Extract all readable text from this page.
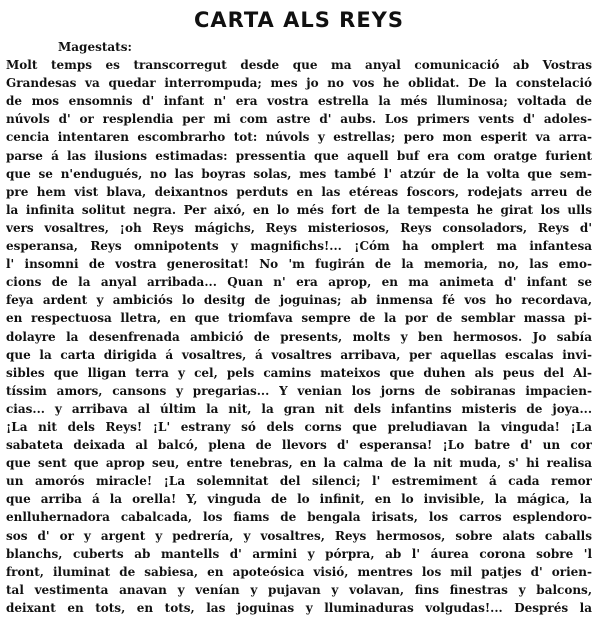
CARTA ALS REYS
Magestats:
Molt temps es transcorregut desde que ma anyal comunicació ab Vostras
Grandesas va quedar interrompuda; mes jo no vos he oblidat. De la constelació
de mos ensomnis d' infant n' era vostra estrella la més lluminosa; voltada de
núvols d' or resplendia per mi com astre d' aubs. Los primers vents d' adoles-
cencia intentaren escombrarho tot: núvols y estrellas; pero mon esperit va arra-
parse á las ilusions estimadas: pressentia que aquell buf era com oratge furient
que se n'endugués, no las boyras solas, mes també l' atzúr de la volta que sem-
pre hem vist blava, deixantnos perduts en las etéreas foscors, rodejats arreu de
la infinita solitut negra. Per aixó, en lo més fort de la tempesta he girat los ulls
vers vosaltres, ¡oh Reys mágichs, Reys misteriosos, Reys consoladors, Reys d'
esperansa, Reys omnipotents y magnifichs!... ¡Cóm ha omplert ma infantesa
l' insomni de vostra generositat! No 'm fugirán de la memoria, no, las emo-
cions de la anyal arribada... Quan n' era aprop, en ma animeta d' infant se
feya ardent y ambiciós lo desitg de joguinas; ab inmensa fé vos ho recordava,
en respectuosa lletra, en que triomfava sempre de la por de semblar massa pi-
dolayre la desenfrenada ambició de presents, molts y ben hermosos. Jo sabía
que la carta dirigida á vosaltres, á vosaltres arribava, per aquellas escalas invi-
sibles que lligan terra y cel, pels camins mateixos que duhen als peus del Al-
tíssim amors, cansons y pregarias... Y venian los jorns de sobiranas impacien-
cias... y arribava al últim la nit, la gran nit dels infantins misteris de joya...
¡La nit dels Reys! ¡L' estrany só dels corns que preludiavan la vinguda! ¡La
sabateta deixada al balcó, plena de llevors d' esperansa! ¡Lo batre d' un cor
que sent que aprop seu, entre tenebras, en la calma de la nit muda, s' hi realisa
un amorós miracle! ¡La solemnitat del silenci; l' estremiment á cada remor
que arriba á la orella! Y, vinguda de lo infinit, en lo invisible, la mágica, la
enlluhernadora cabalcada, los fiams de bengala irisats, los carros esplendoro-
sos d' or y argent y pedrería, y vosaltres, Reys hermosos, sobre alats caballs
blanchs, cuberts ab mantells d' armini y pórpra, ab l' áurea corona sobre 'l
front, iluminat de sabiesa, en apoteósica visió, mentres los mil patjes d' orien-
tal vestimenta anavan y venían y pujavan y volavan, fins finestras y balcons,
deixant en tots, en tots, las joguinas y lluminaduras volgudas!... Després la
